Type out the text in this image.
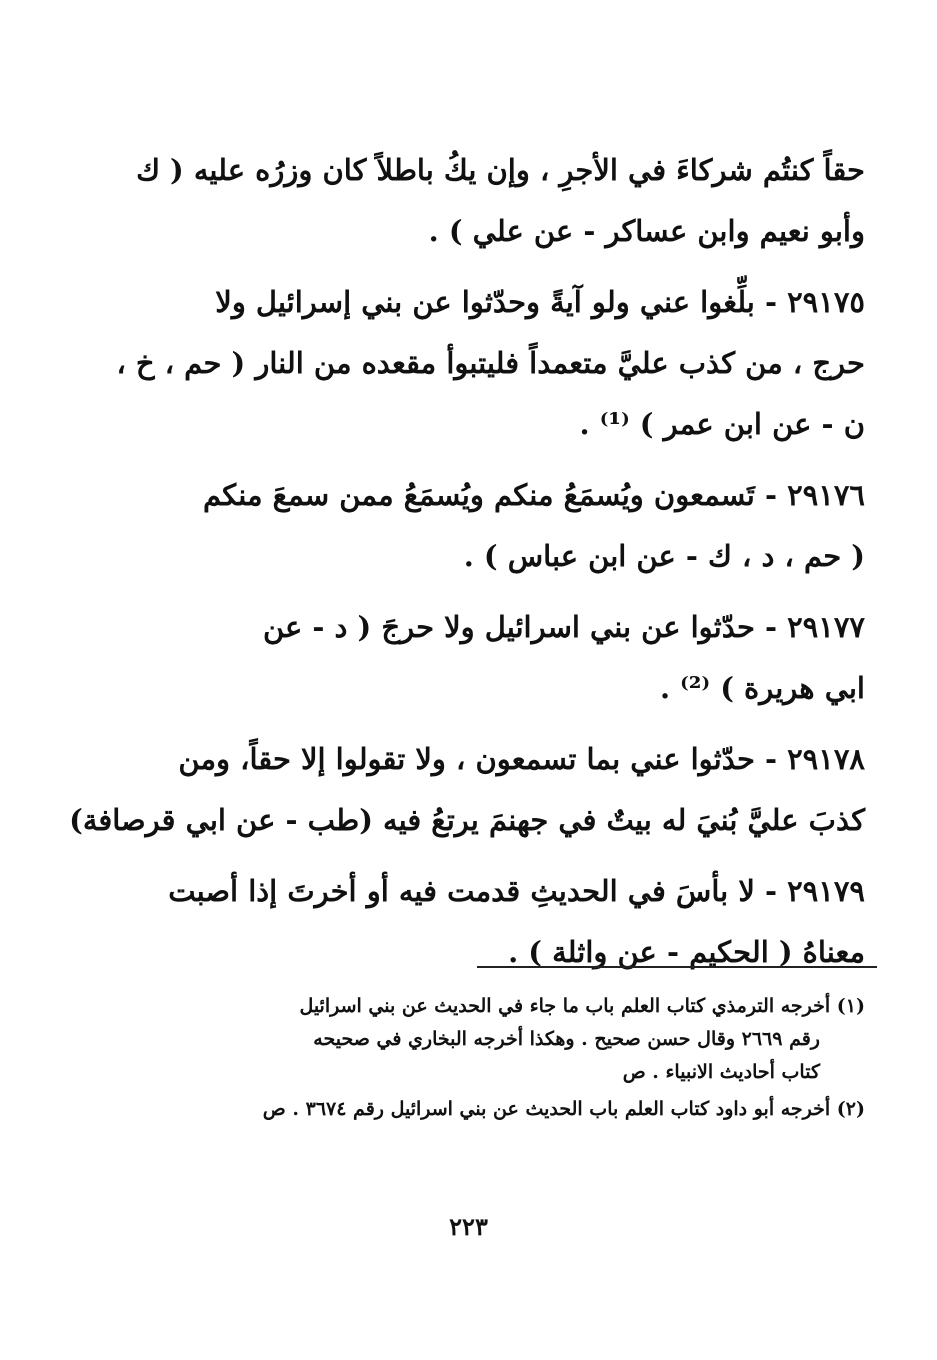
حقاً كنتُم شركاءَ في الأجرِ ، وإن يكُ باطلاً كان وزرُه عليه ( ك
وأبو نعيم وابن عساكر - عن علي ) .

٢٩١٧٥ - بلِّغوا عني ولو آيةً وحدّثوا عن بني إسرائيل ولا
حرج ، من كذب عليَّ متعمداً فليتبوأ مقعده من النار ( حم ، خ ،
ن - عن ابن عمر ) ⁽¹⁾ .

٢٩١٧٦ - تَسمعون ويُسمَعُ منكم ويُسمَعُ ممن سمعَ منكم
( حم ، د ، ك - عن ابن عباس ) .

٢٩١٧٧ - حدّثوا عن بني اسرائيل ولا حرجَ ( د - عن
ابي هريرة ) ⁽²⁾ .

٢٩١٧٨ - حدّثوا عني بما تسمعون ، ولا تقولوا إلا حقاً، ومن
كذبَ عليَّ بُنيَ له بيتٌ في جهنمَ يرتعُ فيه (طب - عن ابي قرصافة)

٢٩١٧٩ - لا بأسَ في الحديثِ قدمت فيه أو أخرتَ إذا أصبت
معناهُ ( الحكيم - عن واثلة ) .

(١) أخرجه الترمذي كتاب العلم باب ما جاء في الحديث عن بني اسرائيل
رقم ٢٦٦٩ وقال حسن صحيح . وهكذا أخرجه البخاري في صحيحه
كتاب أحاديث الانبياء . ص

(٢) أخرجه أبو داود كتاب العلم باب الحديث عن بني اسرائيل رقم ٣٦٧٤ . ص

٢٢٣
